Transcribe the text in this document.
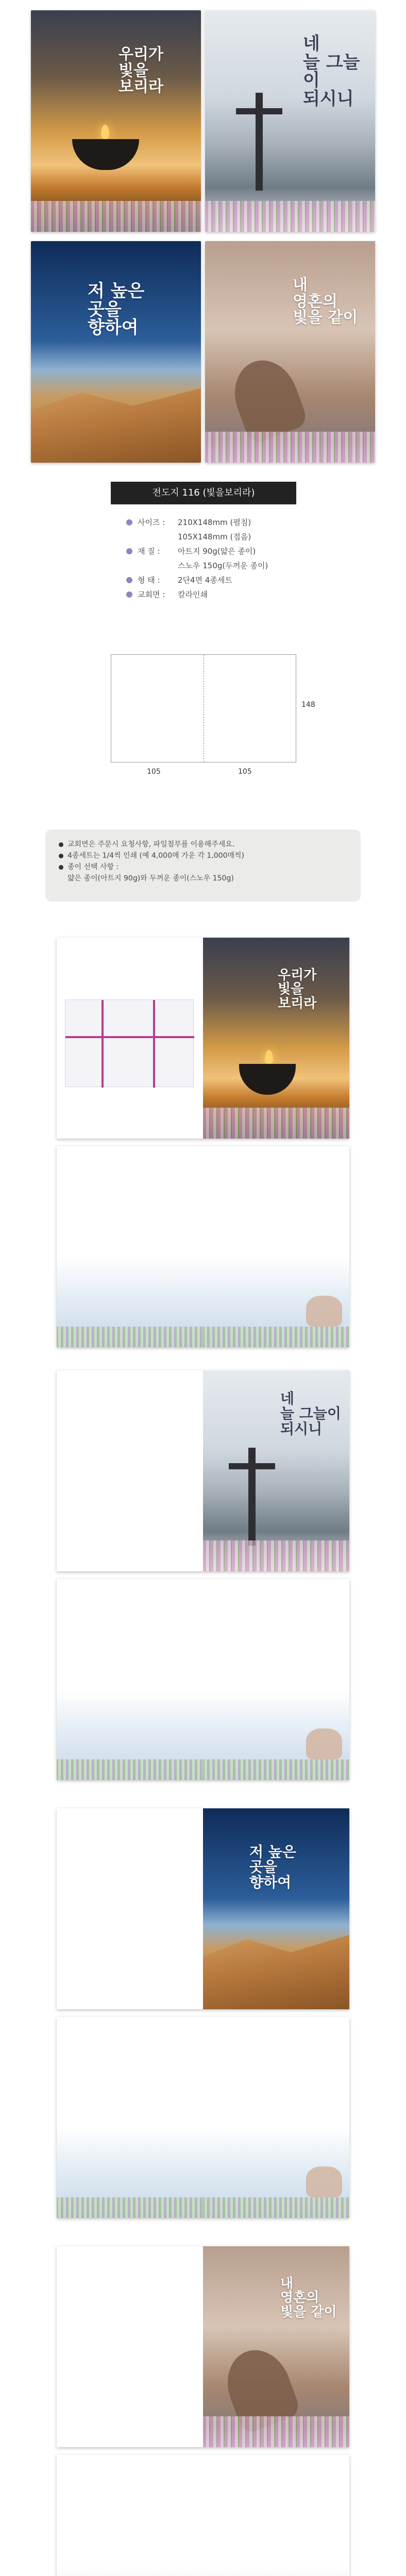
우리가
빛을
보리라
네
늘 그늘이
되시니
저 높은
곳을
향하여
내
영혼의
빛을 같이
전도지 116 (빛을보리라)
사이즈 :	210X148mm (펼침)
105X148mm (접음)
재 질 :	아트지 90g(얇은 종이)
스노우 150g(두꺼운 종이)
형 태 :	2단4면 4종세트
교회면 :	칼라인쇄
148
105	105
교회면은 주문시 요청사항, 파일첨부를 이용해주세요.
4종세트는 1/4씩 인쇄 (예 4,000매 가운 각 1,000매씩)
종이 선택 사항 :
얇은 종이(아트지 90g)와 두꺼운 종이(스노우 150g)
우리가
빛을
보리라
네
늘 그늘이
되시니
저 높은
곳을
향하여
내
영혼의
빛을 같이
